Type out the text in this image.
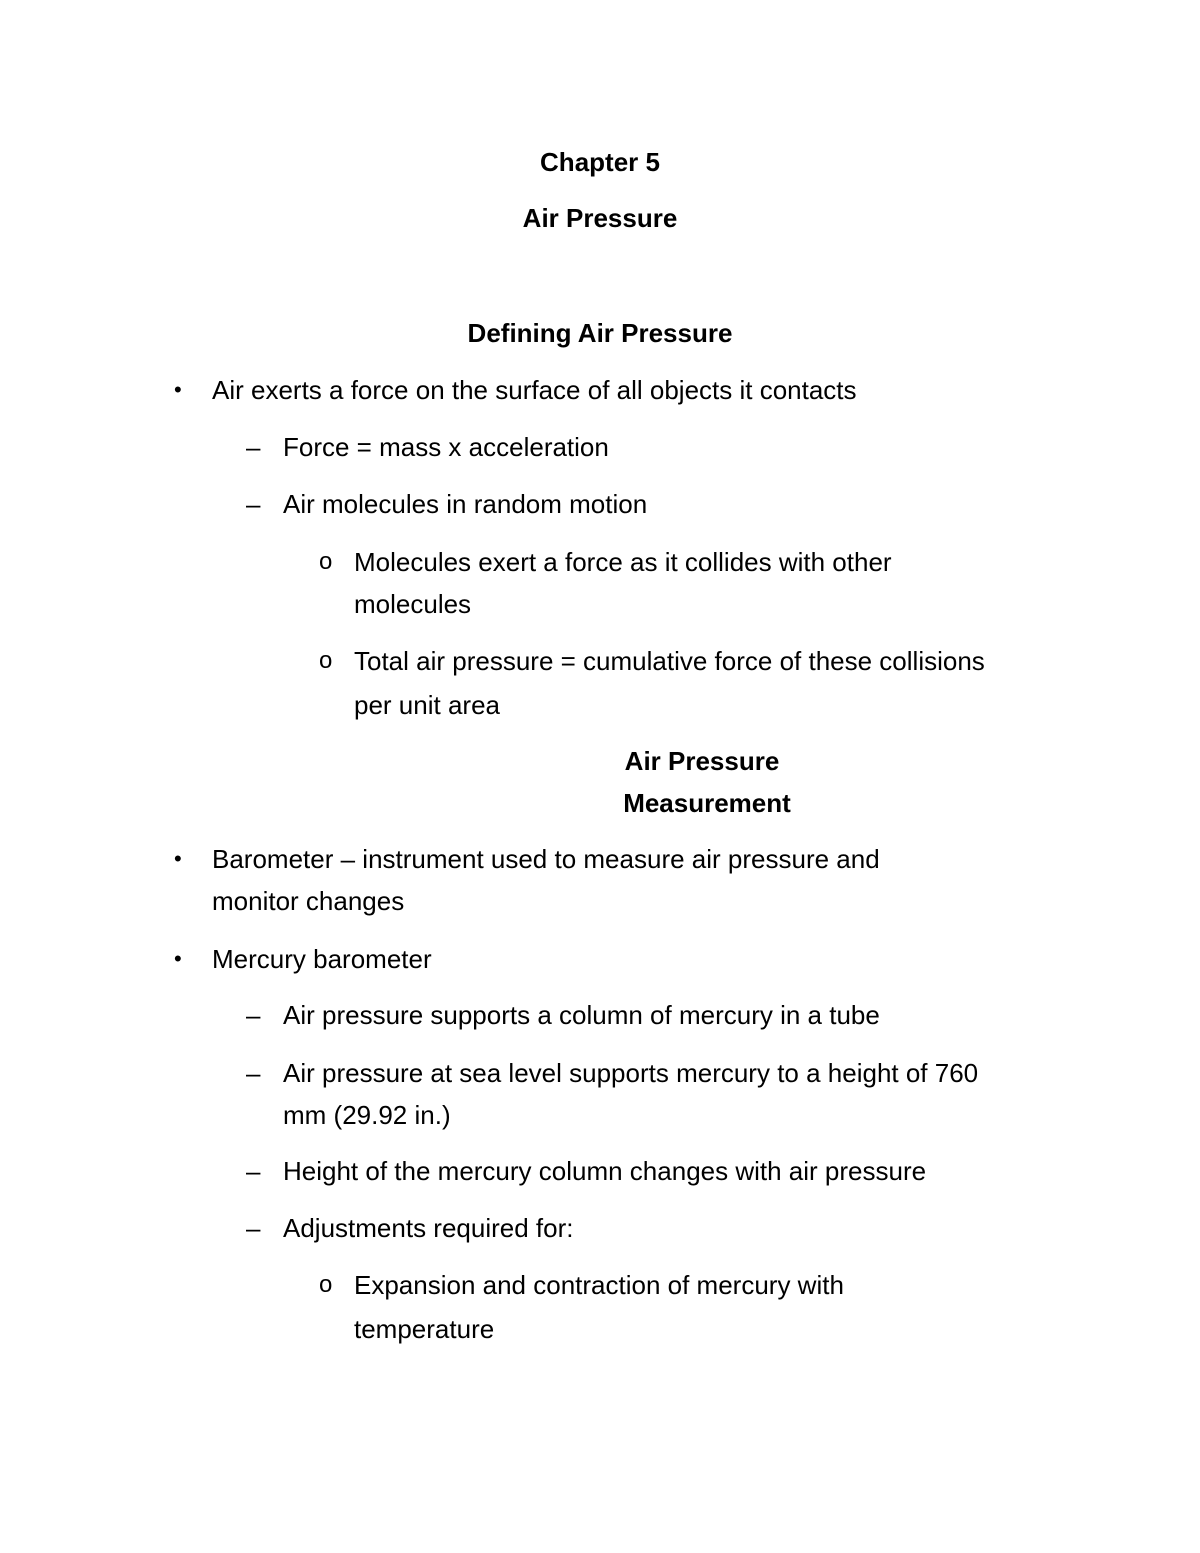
Chapter 5
Air Pressure
Defining Air Pressure
• Air exerts a force on the surface of all objects it contacts
– Force = mass x acceleration
– Air molecules in random motion
o Molecules exert a force as it collides with other
molecules
o Total air pressure = cumulative force of these collisions
per unit area
Air Pressure
Measurement
• Barometer – instrument used to measure air pressure and
monitor changes
• Mercury barometer
– Air pressure supports a column of mercury in a tube
– Air pressure at sea level supports mercury to a height of 760
mm (29.92 in.)
– Height of the mercury column changes with air pressure
– Adjustments required for:
o Expansion and contraction of mercury with
temperature
